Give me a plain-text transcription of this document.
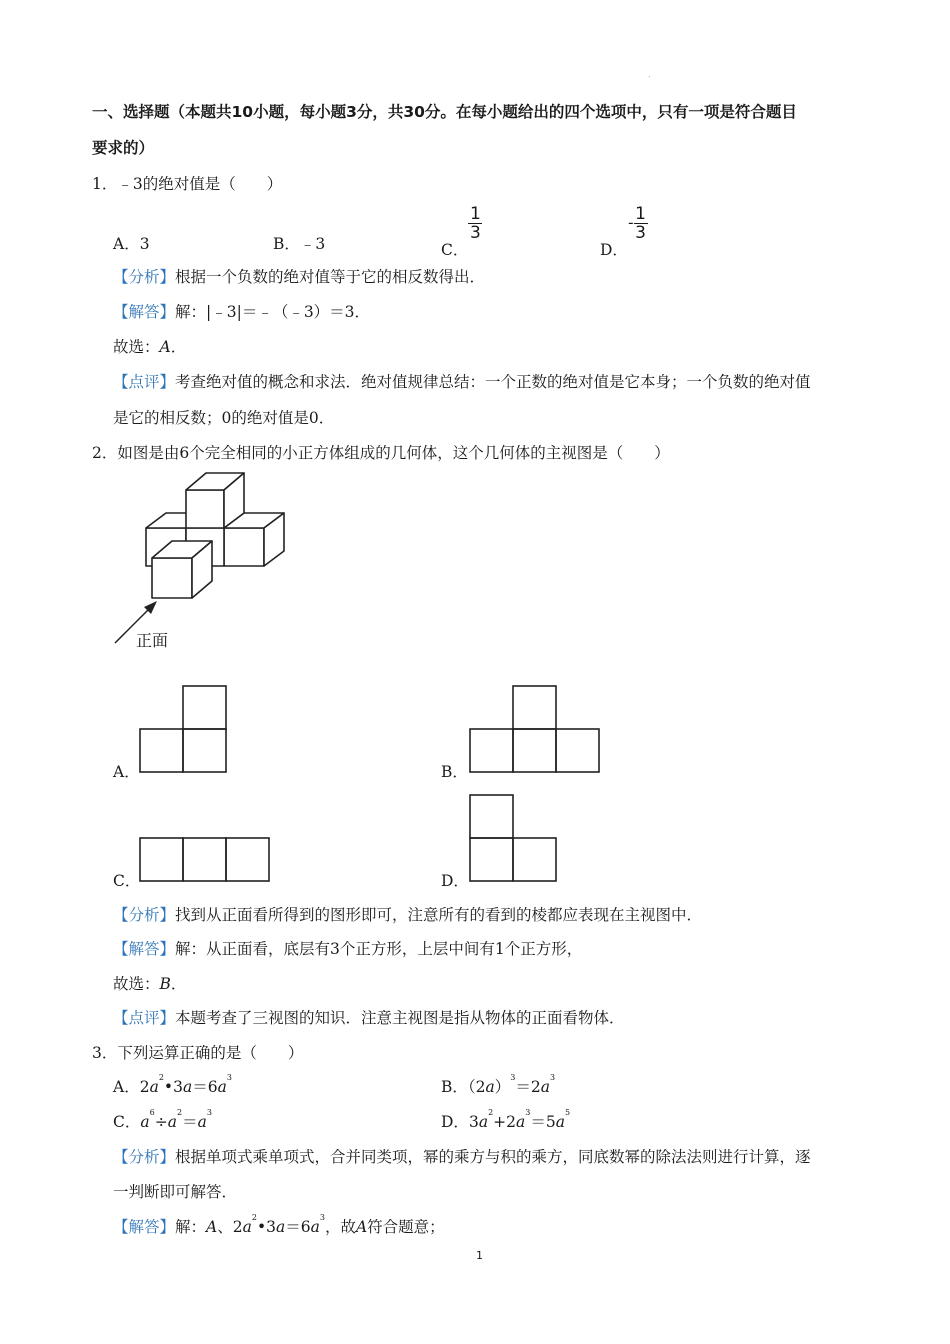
.
一、选择题（本题共10小题，每小题3分，共30分。在每小题给出的四个选项中，只有一项是符合题目
要求的）
1．﹣3的绝对值是（　　）
A．3	B．﹣3	C．
$\frac{1}{3}$
D．- $\frac{1}{3}$
【分析】根据一个负数的绝对值等于它的相反数得出．
【解答】解：|﹣3|＝﹣（﹣3）＝3．
故选：A．
【点评】考查绝对值的概念和求法．绝对值规律总结：一个正数的绝对值是它本身；一个负数的绝对值
是它的相反数；0的绝对值是0．
2．如图是由6个完全相同的小正方体组成的几何体，这个几何体的主视图是（　　）
正面
A．	B．
C．	D．
【分析】找到从正面看所得到的图形即可，注意所有的看到的棱都应表现在主视图中．
【解答】解：从正面看，底层有3个正方形，上层中间有1个正方形，
故选：B．
【点评】本题考查了三视图的知识．注意主视图是指从物体的正面看物体．
3．下列运算正确的是（　　）
A．$2a^2•3a=6a^3$
B．$(2a)^3=2a^3$
C．$a^6\div a^2=a^3$
D．$3a^2+2a^3=5a^5$
【分析】根据单项式乘单项式，合并同类项，幂的乘方与积的乘方，同底数幂的除法法则进行计算，逐
一判断即可解答．
【解答】解：A、$2a^2•3a=6a^3$，故A符合题意；
1
